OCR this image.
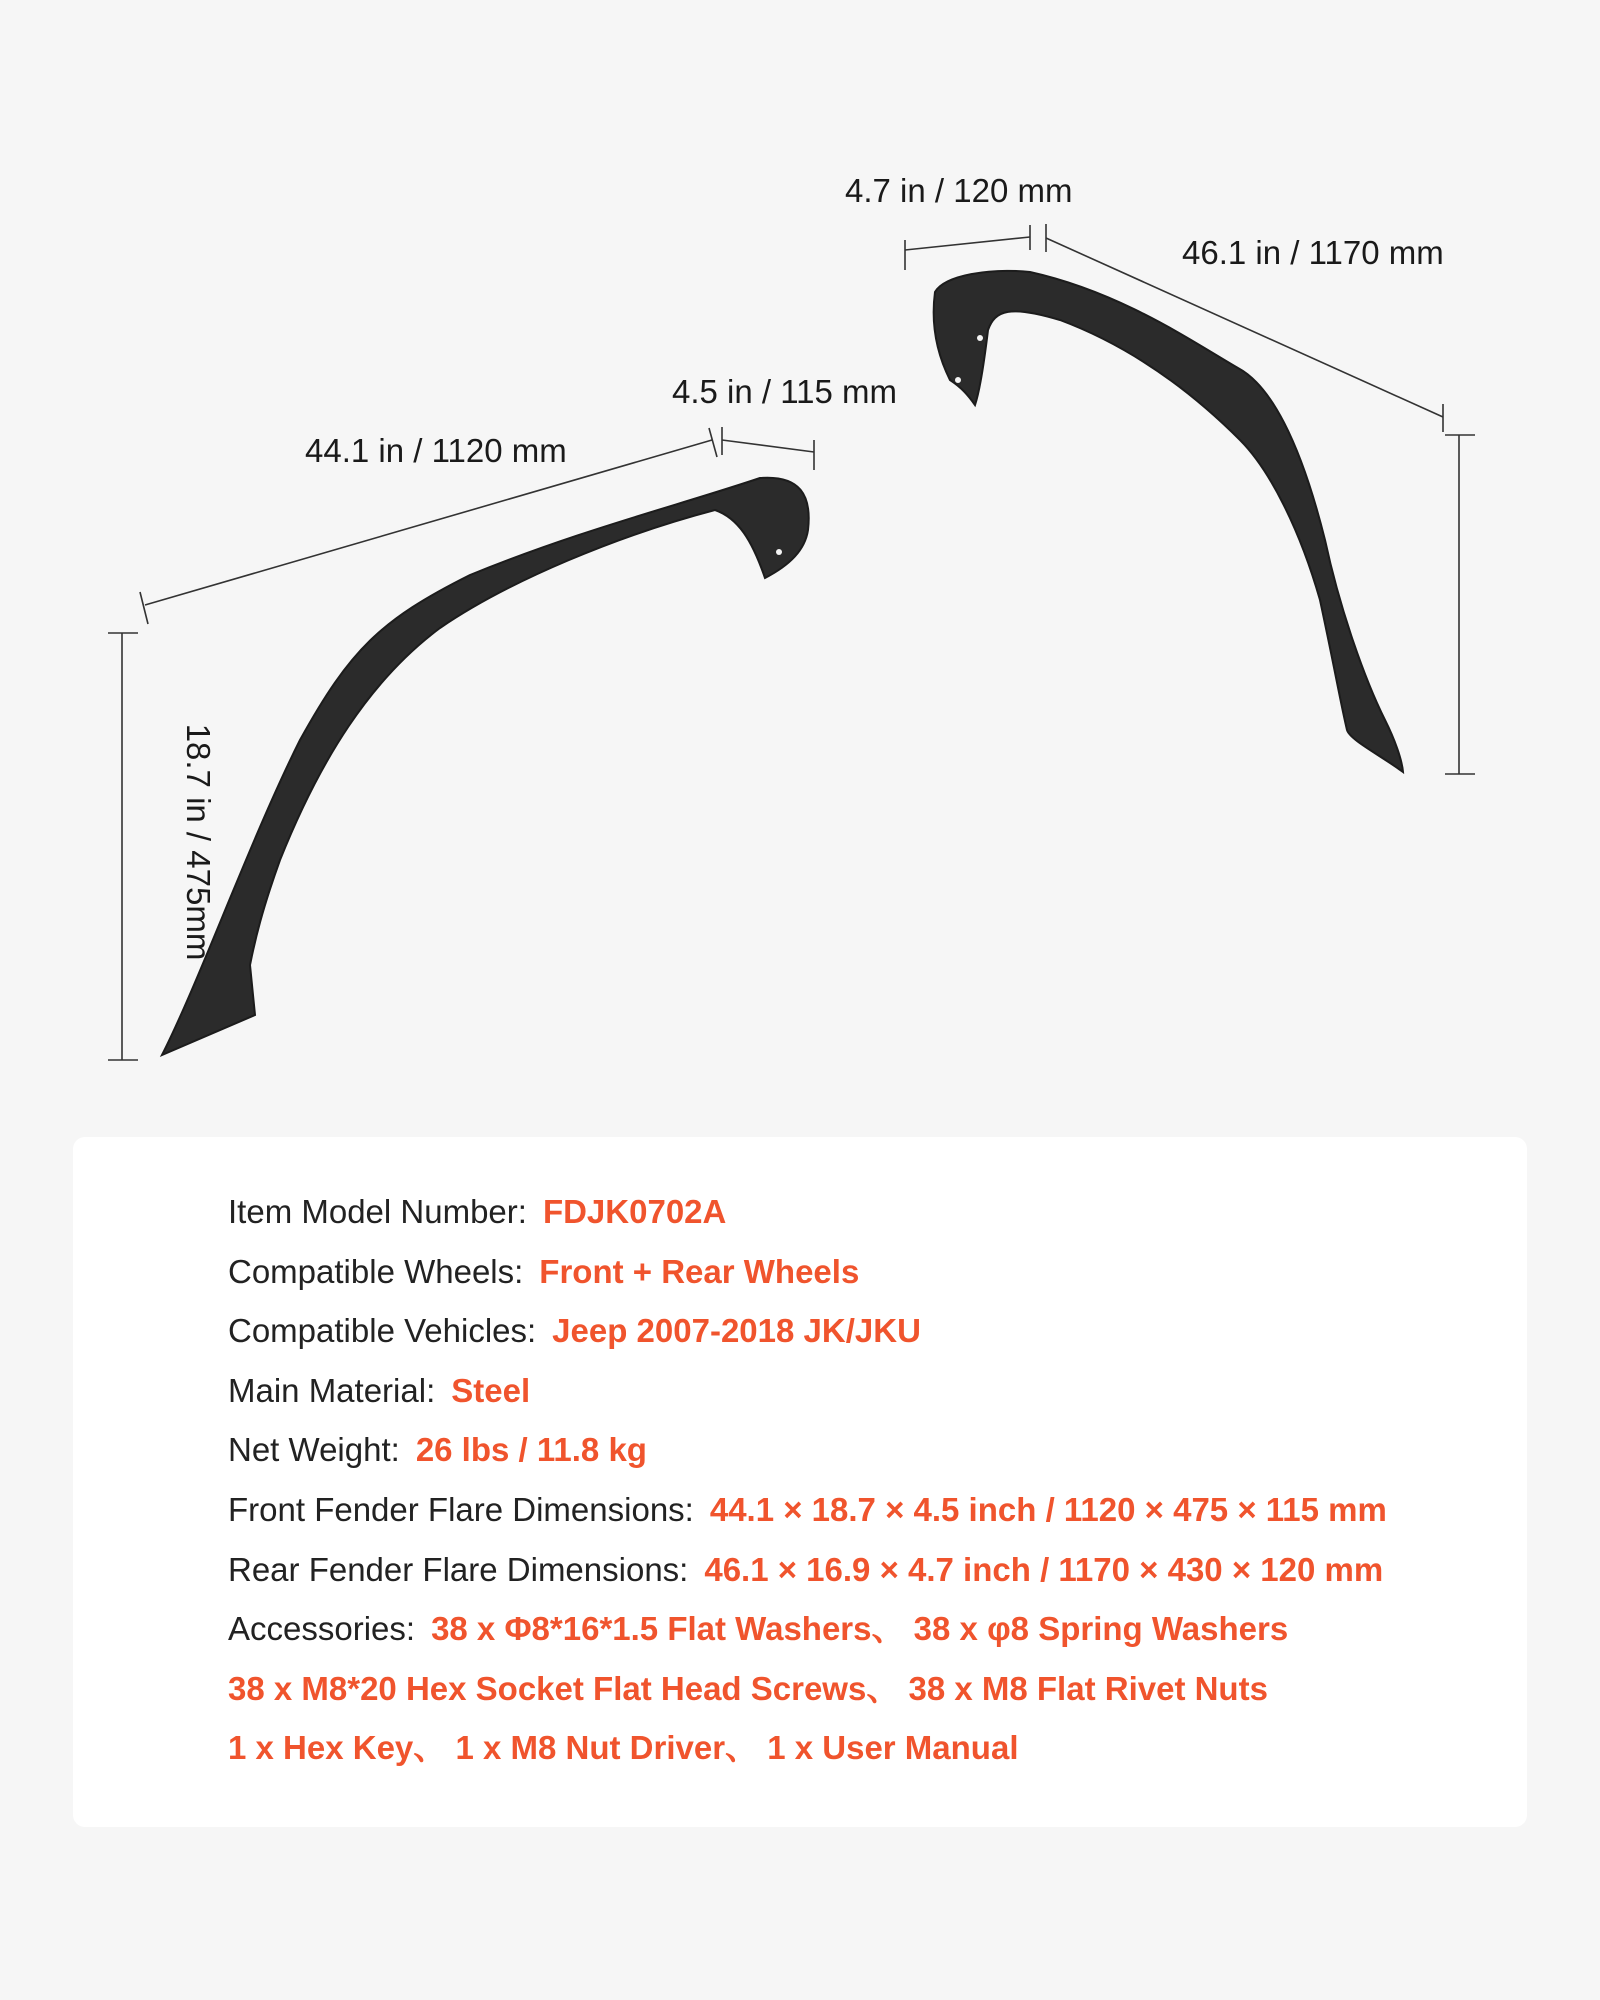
44.1 in / 1120 mm
4.5 in / 115 mm
18.7 in / 475mm
4.7 in / 120 mm
46.1 in / 1170 mm
Item Model Number: FDJK0702A
Compatible Wheels: Front + Rear Wheels
Compatible Vehicles: Jeep 2007-2018 JK/JKU
Main Material: Steel
Net Weight: 26 lbs / 11.8 kg
Front Fender Flare Dimensions: 44.1 × 18.7 × 4.5 inch / 1120 × 475 × 115 mm
Rear Fender Flare Dimensions: 46.1 × 16.9 × 4.7 inch / 1170 × 430 × 120 mm
Accessories: 38 x Φ8*16*1.5 Flat Washers、 38 x φ8 Spring Washers
38 x M8*20 Hex Socket Flat Head Screws、 38 x M8 Flat Rivet Nuts
1 x Hex Key、 1 x M8 Nut Driver、 1 x User Manual
